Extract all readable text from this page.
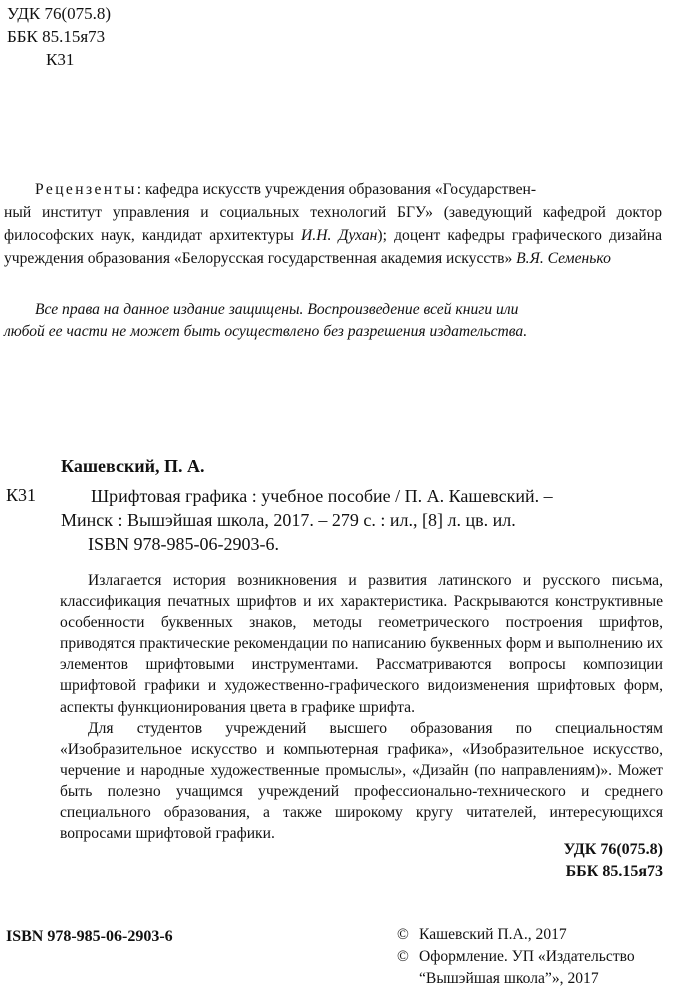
УДК 76(075.8)
ББК 85.15я73
К31
Рецензенты: кафедра искусств учреждения образования «Государствен-
ный институт управления и социальных технологий БГУ» (заведующий кафедрой доктор философских наук, кандидат архитектуры И.Н. Духан); доцент кафедры графического дизайна учреждения образования «Белорусская государственная академия искусств» В.Я. Семенько
Все права на данное издание защищены. Воспроизведение всей книги или
любой ее части не может быть осуществлено без разрешения издательства.
Кашевский, П. А.
К31	Шрифтовая графика : учебное пособие / П. А. Кашевский. –

Минск : Вышэйшая школа, 2017. – 279 с. : ил., [8] л. цв. ил.

ISBN 978-985-06-2903-6.

Излагается история возникновения и развития латинского и русского письма, классификация печатных шрифтов и их характеристика. Раскрываются конструктивные особенности буквенных знаков, методы геометрического построения шрифтов, приводятся практические рекомендации по написанию буквенных форм и выполнению их элементов шрифтовыми инструментами. Рассматриваются вопросы композиции шрифтовой графики и художественно-графического видоизменения шрифтовых форм, аспекты функционирования цвета в графике шрифта.

Для студентов учреждений высшего образования по специальностям «Изобразительное искусство и компьютерная графика», «Изобразительное искусство, черчение и народные художественные промыслы», «Дизайн (по направлениям)». Может быть полезно учащимся учреждений профессионально-технического и среднего специального образования, а также широкому кругу читателей, интересующихся вопросами шрифтовой графики.

УДК 76(075.8)
ББК 85.15я73
ISBN 978-985-06-2903-6	© Кашевский П.А., 2017
© Оформление. УП «Издательство
“Вышэйшая школа”», 2017
